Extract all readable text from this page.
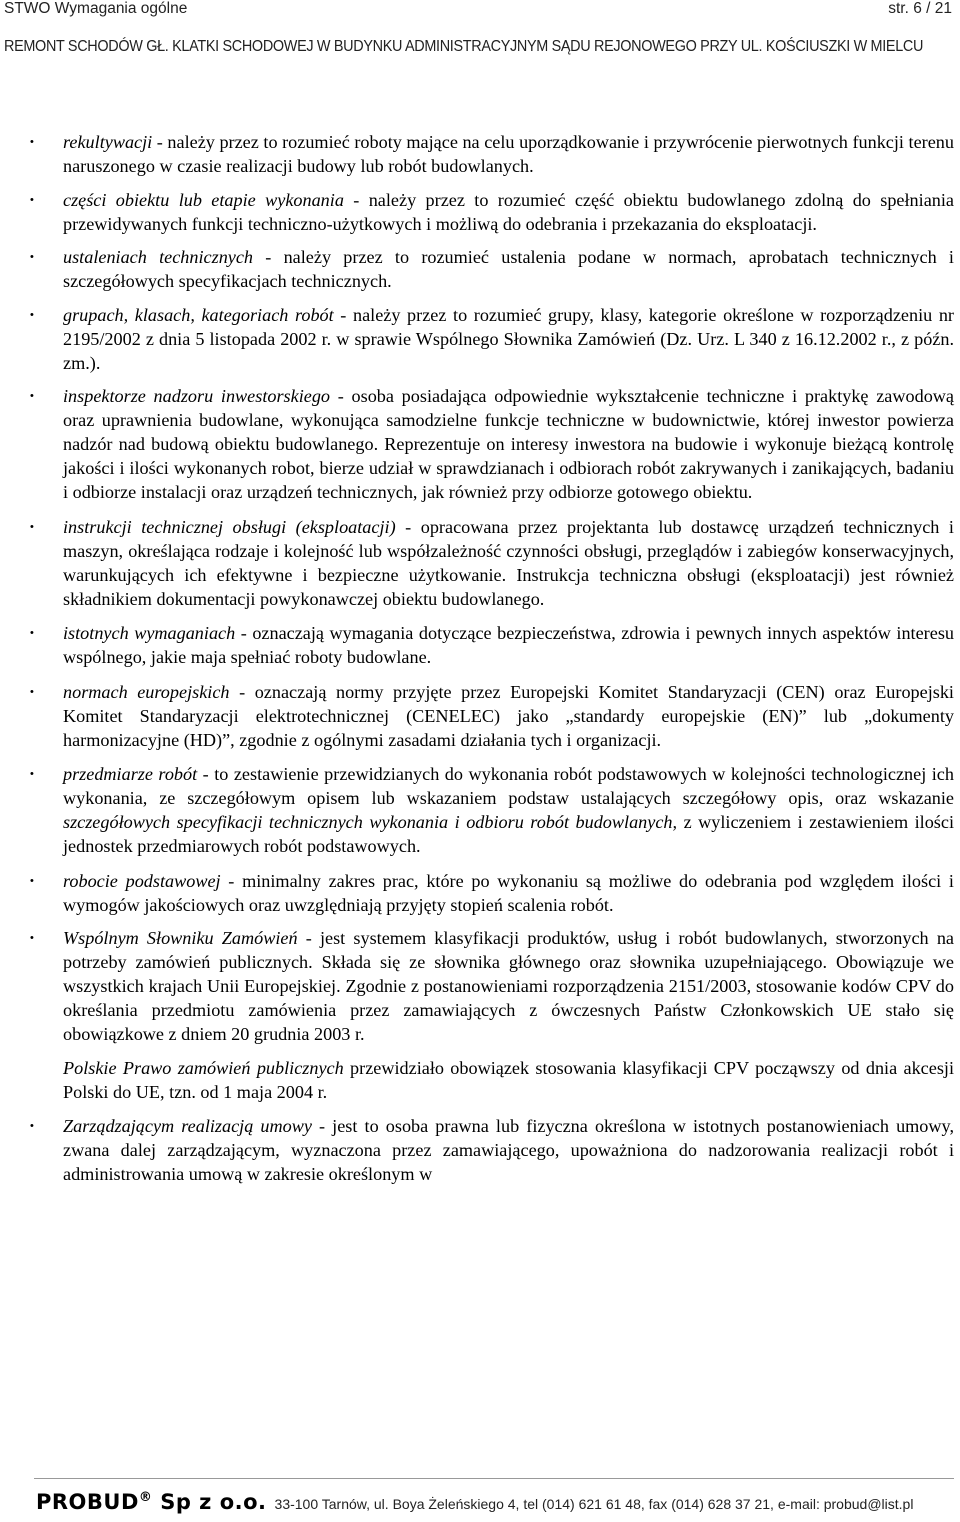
STWO Wymagania ogólne	str. 6 / 21
REMONT SCHODÓW GŁ. KLATKI SCHODOWEJ W BUDYNKU ADMINISTRACYJNYM SĄDU REJONOWEGO PRZY UL. KOŚCIUSZKI W MIELCU
• rekultywacji - należy przez to rozumieć roboty mające na celu uporządkowanie i przywrócenie pierwotnych funkcji terenu naruszonego w czasie realizacji budowy lub robót budowlanych.
• części obiektu lub etapie wykonania - należy przez to rozumieć część obiektu budowlanego zdolną do spełniania przewidywanych funkcji techniczno-użytkowych i możliwą do odebrania i przekazania do eksploatacji.
• ustaleniach technicznych - należy przez to rozumieć ustalenia podane w normach, aprobatach technicznych i szczegółowych specyfikacjach technicznych.
• grupach, klasach, kategoriach robót - należy przez to rozumieć grupy, klasy, kategorie określone w rozporządzeniu nr 2195/2002 z dnia 5 listopada 2002 r. w sprawie Wspólnego Słownika Zamówień (Dz. Urz. L 340 z 16.12.2002 r., z późn. zm.).
• inspektorze nadzoru inwestorskiego - osoba posiadająca odpowiednie wykształcenie techniczne i praktykę zawodową oraz uprawnienia budowlane, wykonująca samodzielne funkcje techniczne w budownictwie, której inwestor powierza nadzór nad budową obiektu budowlanego. Reprezentuje on interesy inwestora na budowie i wykonuje bieżącą kontrolę jakości i ilości wykonanych robot, bierze udział w sprawdzianach i odbiorach robót zakrywanych i zanikających, badaniu i odbiorze instalacji oraz urządzeń technicznych, jak również przy odbiorze gotowego obiektu.
• instrukcji technicznej obsługi (eksploatacji) - opracowana przez projektanta lub dostawcę urządzeń technicznych i maszyn, określająca rodzaje i kolejność lub współzależność czynności obsługi, przeglądów i zabiegów konserwacyjnych, warunkujących ich efektywne i bezpieczne użytkowanie. Instrukcja techniczna obsługi (eksploatacji) jest również składnikiem dokumentacji powykonawczej obiektu budowlanego.
• istotnych wymaganiach - oznaczają wymagania dotyczące bezpieczeństwa, zdrowia i pewnych innych aspektów interesu wspólnego, jakie maja spełniać roboty budowlane.
• normach europejskich - oznaczają normy przyjęte przez Europejski Komitet Standaryzacji (CEN) oraz Europejski Komitet Standaryzacji elektrotechnicznej (CENELEC) jako „standardy europejskie (EN)” lub „dokumenty harmonizacyjne (HD)”, zgodnie z ogólnymi zasadami działania tych i organizacji.
• przedmiarze robót - to zestawienie przewidzianych do wykonania robót podstawowych w kolejności technologicznej ich wykonania, ze szczegółowym opisem lub wskazaniem podstaw ustalających szczegółowy opis, oraz wskazanie szczegółowych specyfikacji technicznych wykonania i odbioru robót budowlanych, z wyliczeniem i zestawieniem ilości jednostek przedmiarowych robót podstawowych.
• robocie podstawowej - minimalny zakres prac, które po wykonaniu są możliwe do odebrania pod względem ilości i wymogów jakościowych oraz uwzględniają przyjęty stopień scalenia robót.
• Wspólnym Słowniku Zamówień - jest systemem klasyfikacji produktów, usług i robót budowlanych, stworzonych na potrzeby zamówień publicznych. Składa się ze słownika głównego oraz słownika uzupełniającego. Obowiązuje we wszystkich krajach Unii Europejskiej. Zgodnie z postanowieniami rozporządzenia 2151/2003, stosowanie kodów CPV do określania przedmiotu zamówienia przez zamawiających z ówczesnych Państw Członkowskich UE stało się obowiązkowe z dniem 20 grudnia 2003 r.
Polskie Prawo zamówień publicznych przewidziało obowiązek stosowania klasyfikacji CPV począwszy od dnia akcesji Polski do UE, tzn. od 1 maja 2004 r.
• Zarządzającym realizacją umowy - jest to osoba prawna lub fizyczna określona w istotnych postanowieniach umowy, zwana dalej zarządzającym, wyznaczona przez zamawiającego, upoważniona do nadzorowania realizacji robót i administrowania umową w zakresie określonym w
PROBUD® Sp z o.o. 33-100 Tarnów, ul. Boya Żeleńskiego 4, tel (014) 621 61 48, fax (014) 628 37 21, e-mail: probud@list.pl
